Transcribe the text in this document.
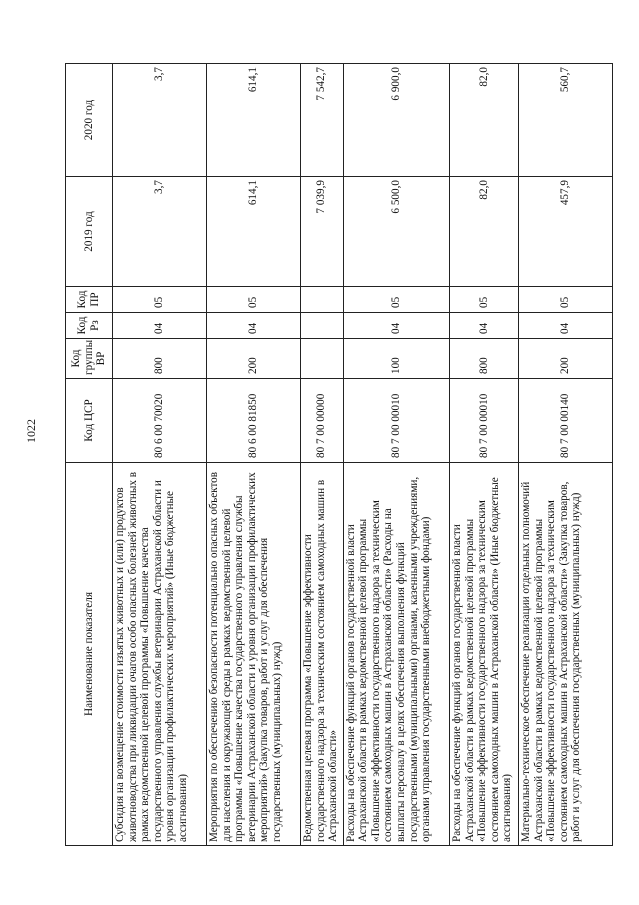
1022
Наименование показателя	Код ЦСР	Код группы ВР	Код Рз	Код ПР	2019 год	2020 год
Субсидия на возмещение стоимости изъятых животных и (или) продуктов животноводства при ликвидации очагов особо опасных болезней животных в рамках ведомственной целевой программы «Повышение качества государственного управления службы ветеринарии Астраханской области и уровня организации профилактических мероприятий» (Иные бюджетные ассигнования)	80 6 00 70020	800	04	05	3,7	3,7
Мероприятия по обеспечению безопасности потенциально опасных объектов для населения и окружающей среды в рамках ведомственной целевой программы «Повышение качества государственного управления службы ветеринарии Астраханской области и уровня организации профилактических мероприятий» (Закупка товаров, работ и услуг для обеспечения государственных (муниципальных) нужд)	80 6 00 81850	200	04	05	614,1	614,1
Ведомственная целевая программа «Повышение эффективности государственного надзора за техническим состоянием самоходных машин в Астраханской области»	80 7 00 00000				7 039,9	7 542,7
Расходы на обеспечение функций органов государственной власти Астраханской области в рамках ведомственной целевой программы «Повышение эффективности государственного надзора за техническим состоянием самоходных машин в Астраханской области» (Расходы на выплаты персоналу в целях обеспечения выполнения функций государственными (муниципальными) органами, казенными учреждениями, органами управления государственными внебюджетными фондами)	80 7 00 00010	100	04	05	6 500,0	6 900,0
Расходы на обеспечение функций органов государственной власти Астраханской области в рамках ведомственной целевой программы «Повышение эффективности государственного надзора за техническим состоянием самоходных машин в Астраханской области» (Иные бюджетные ассигнования)	80 7 00 00010	800	04	05	82,0	82,0
Материально-техническое обеспечение реализации отдельных полномочий Астраханской области в рамках ведомственной целевой программы «Повышение эффективности государственного надзора за техническим состоянием самоходных машин в Астраханской области» (Закупка товаров, работ и услуг для обеспечения государственных (муниципальных) нужд)	80 7 00 00140	200	04	05	457,9	560,7
